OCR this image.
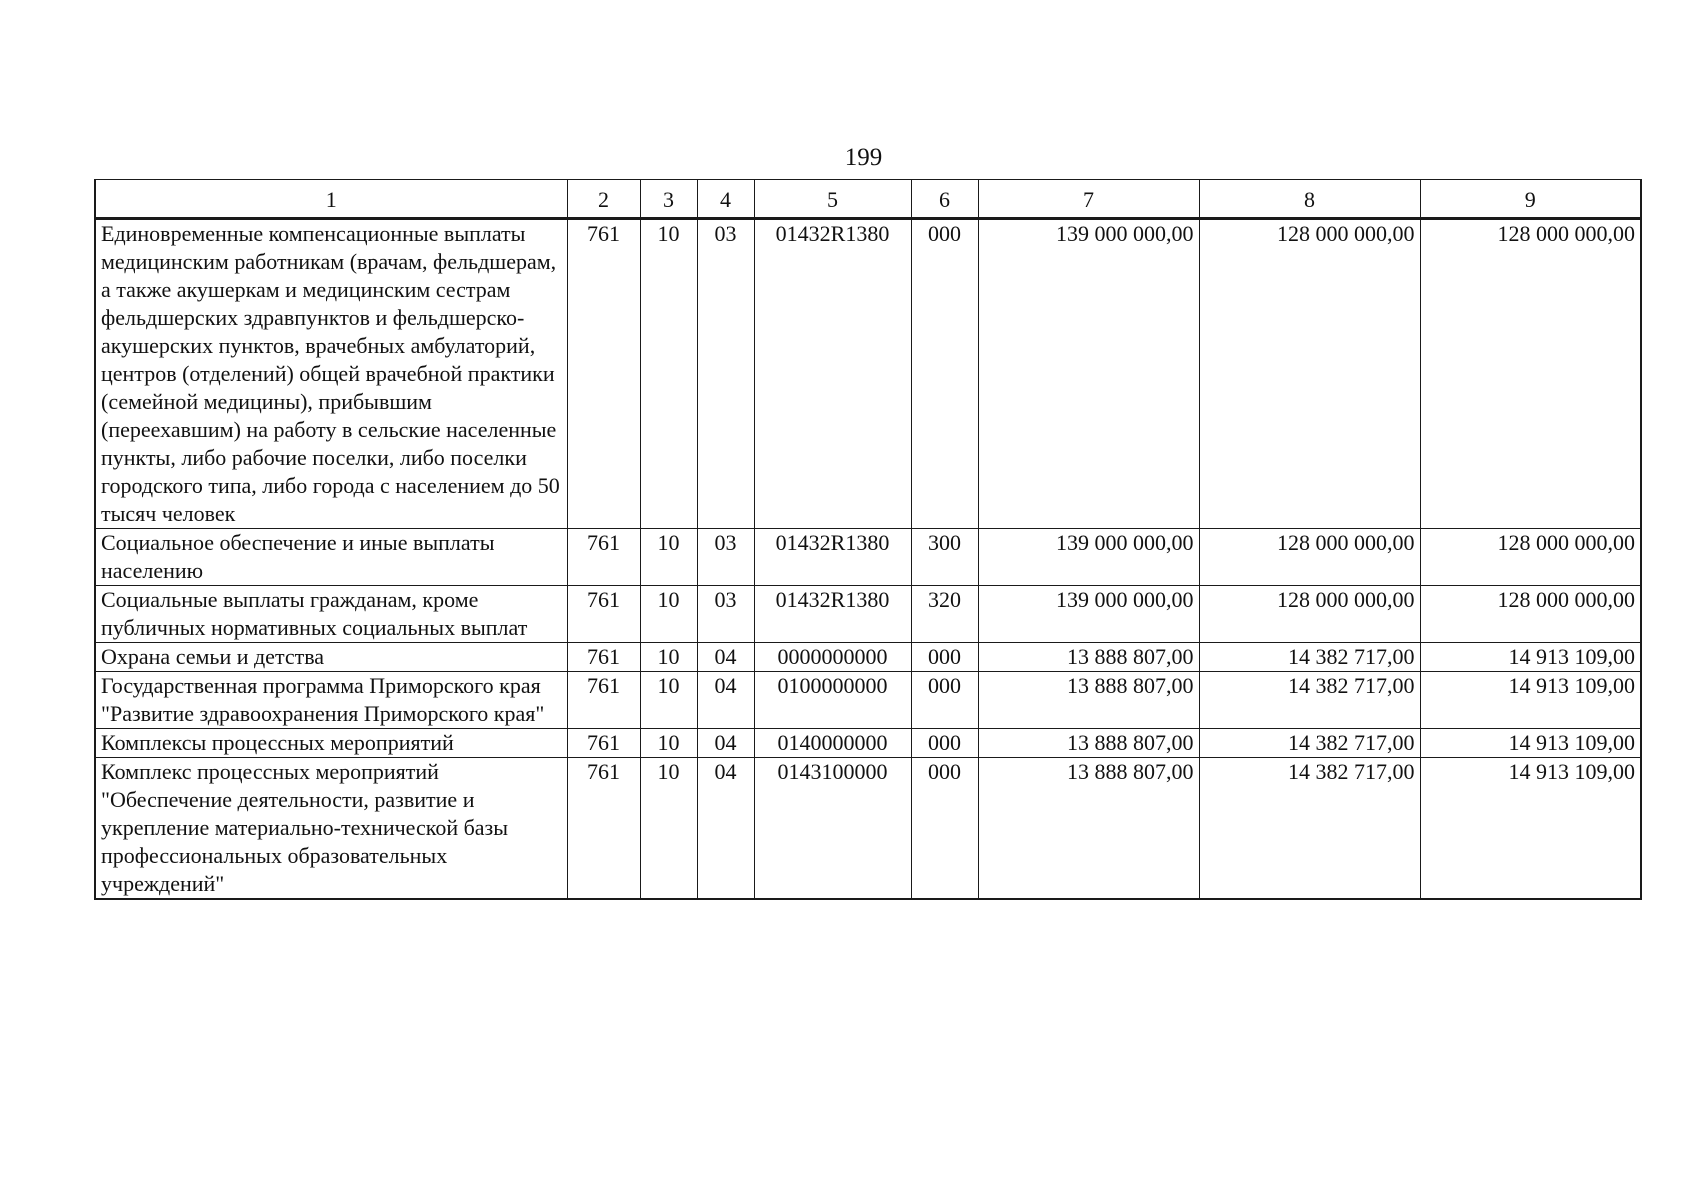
199
1	2	3	4	5	6	7	8	9
Единовременные компенсационные выплаты медицинским работникам (врачам, фельдшерам, а также акушеркам и медицинским сестрам фельдшерских здравпунктов и фельдшерско-акушерских пунктов, врачебных амбулаторий, центров (отделений) общей врачебной практики (семейной медицины), прибывшим (переехавшим) на работу в сельские населенные пункты, либо рабочие поселки, либо поселки городского типа, либо города с населением до 50 тысяч человек	761	10	03	01432R1380	000	139 000 000,00	128 000 000,00	128 000 000,00
Социальное обеспечение и иные выплаты населению	761	10	03	01432R1380	300	139 000 000,00	128 000 000,00	128 000 000,00
Социальные выплаты гражданам, кроме публичных нормативных социальных выплат	761	10	03	01432R1380	320	139 000 000,00	128 000 000,00	128 000 000,00
Охрана семьи и детства	761	10	04	0000000000	000	13 888 807,00	14 382 717,00	14 913 109,00
Государственная программа Приморского края "Развитие здравоохранения Приморского края"	761	10	04	0100000000	000	13 888 807,00	14 382 717,00	14 913 109,00
Комплексы процессных мероприятий	761	10	04	0140000000	000	13 888 807,00	14 382 717,00	14 913 109,00
Комплекс процессных мероприятий "Обеспечение деятельности, развитие и укрепление материально-технической базы профессиональных образовательных учреждений"	761	10	04	0143100000	000	13 888 807,00	14 382 717,00	14 913 109,00
